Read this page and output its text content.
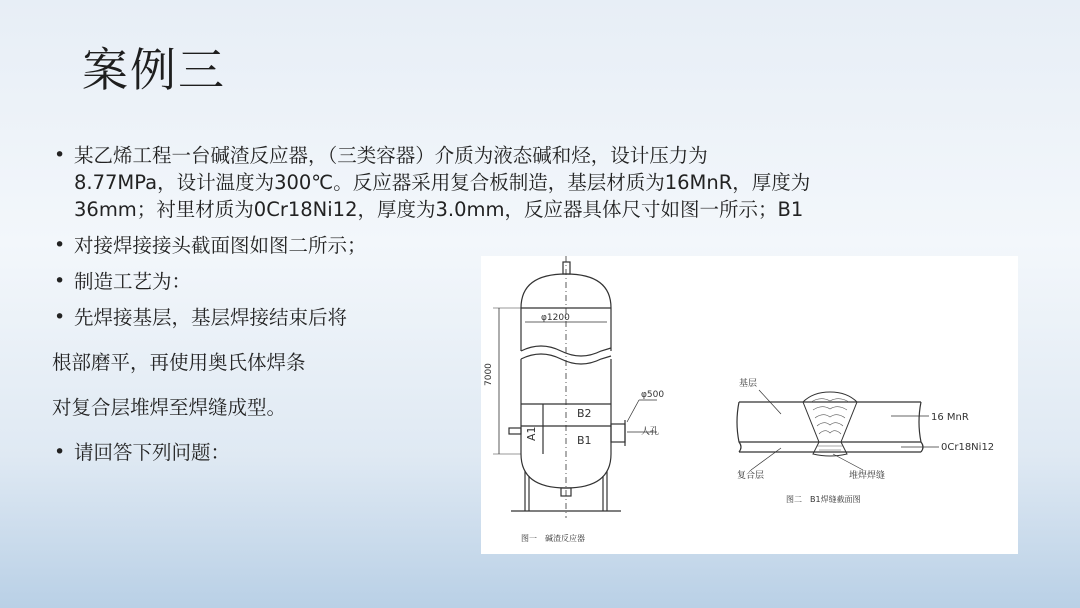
案例三
• 某乙烯工程一台碱渣反应器，（三类容器）介质为液态碱和烃，设计压力为
8.77MPa，设计温度为300℃。反应器采用复合板制造，基层材质为16MnR，厚度为
36mm；衬里材质为0Cr18Ni12，厚度为3.0mm，反应器具体尺寸如图一所示；B1
• 对接焊接接头截面图如图二所示；
• 制造工艺为：
• 先焊接基层，基层焊接结束后将
根部磨平，再使用奥氏体焊条
对复合层堆焊至焊缝成型。
• 请回答下列问题：
φ1200
7000
φ500
人孔
A1
B2
B1
图一　碱渣反应器
基层
16 MnR
0Cr18Ni12
复合层	堆焊焊缝
图二　B1焊缝截面图
